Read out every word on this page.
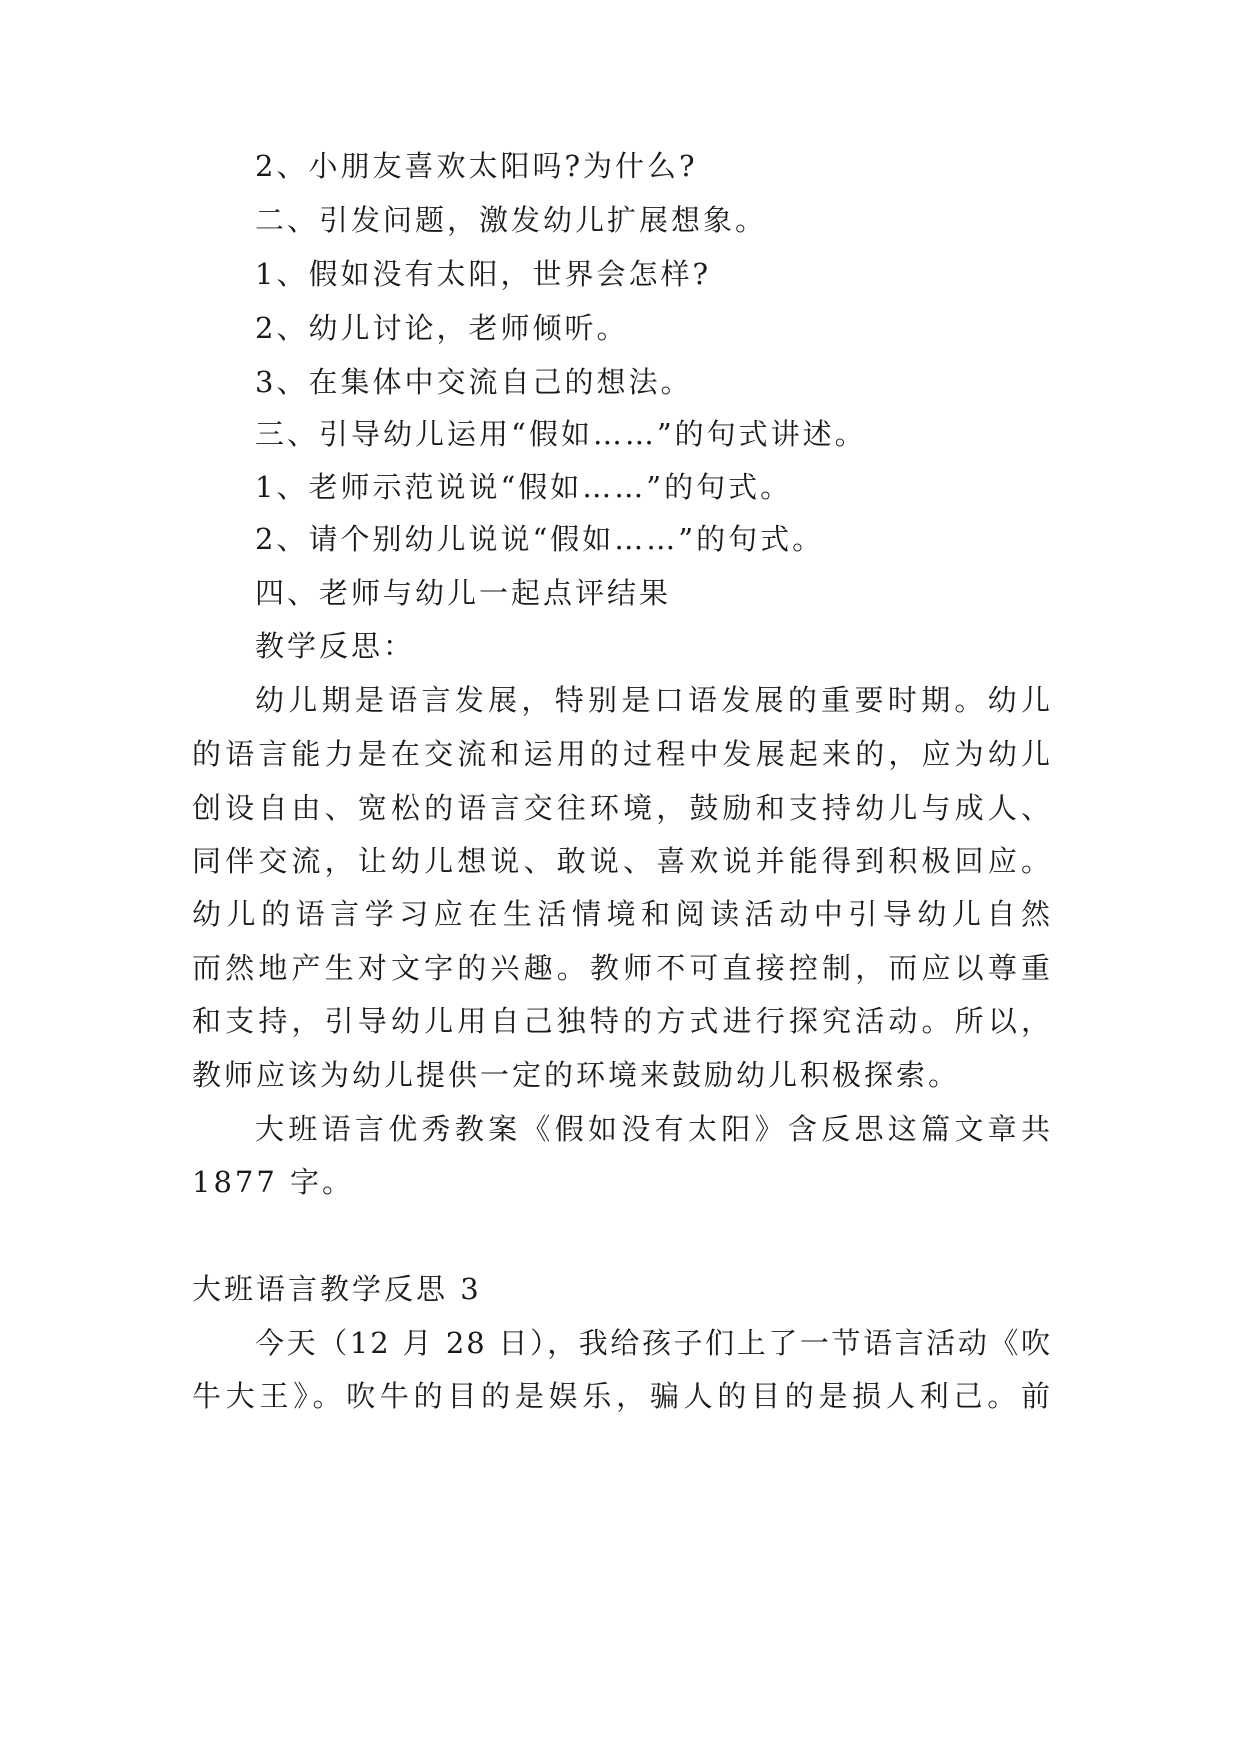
2、小朋友喜欢太阳吗?为什么?
二、引发问题，激发幼儿扩展想象。
1、假如没有太阳，世界会怎样?
2、幼儿讨论，老师倾听。
3、在集体中交流自己的想法。
三、引导幼儿运用“假如……”的句式讲述。
1、老师示范说说“假如……”的句式。
2、请个别幼儿说说“假如……”的句式。
四、老师与幼儿一起点评结果
教学反思：
幼儿期是语言发展，特别是口语发展的重要时期。幼儿
的语言能力是在交流和运用的过程中发展起来的，应为幼儿
创设自由、宽松的语言交往环境，鼓励和支持幼儿与成人、
同伴交流，让幼儿想说、敢说、喜欢说并能得到积极回应。
幼儿的语言学习应在生活情境和阅读活动中引导幼儿自然
而然地产生对文字的兴趣。教师不可直接控制，而应以尊重
和支持，引导幼儿用自己独特的方式进行探究活动。所以，
教师应该为幼儿提供一定的环境来鼓励幼儿积极探索。
大班语言优秀教案《假如没有太阳》含反思这篇文章共
1877 字。
大班语言教学反思 3
今天（12 月 28 日），我给孩子们上了一节语言活动《吹
牛大王》。吹牛的目的是娱乐，骗人的目的是损人利己。前
